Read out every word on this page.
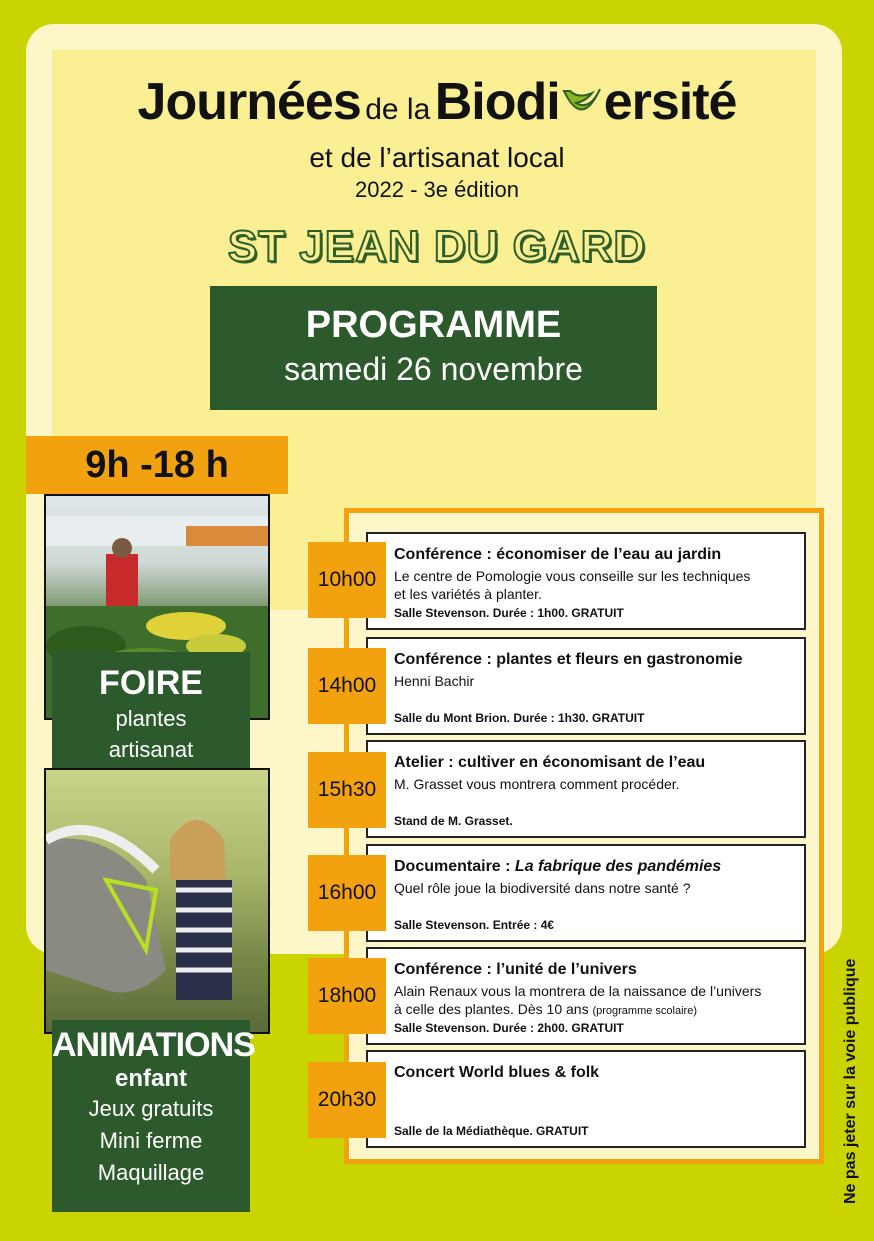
Journées de la Biodi ersité
et de l’artisanat local
2022 - 3e édition
ST JEAN DU GARD
PROGRAMME
samedi 26 novembre
9h -18 h
FOIRE
plantes
artisanat
ANIMATIONS
enfant
Jeux gratuits
Mini ferme
Maquillage
Conférence : économiser de l’eau au jardin
Le centre de Pomologie vous conseille sur les techniques
et les variétés à planter.
Salle Stevenson. Durée : 1h00. GRATUIT
10h00
Conférence : plantes et fleurs en gastronomie
Henni Bachir
Salle du Mont Brion. Durée : 1h30. GRATUIT
14h00
Atelier : cultiver en économisant de l’eau
M. Grasset vous montrera comment procéder.
Stand de M. Grasset.
15h30
Documentaire : La fabrique des pandémies
Quel rôle joue la biodiversité dans notre santé ?
Salle Stevenson. Entrée : 4€
16h00
Conférence : l’unité de l’univers
Alain Renaux vous la montrera de la naissance de l’univers
à celle des plantes. Dès 10 ans (programme scolaire)
Salle Stevenson. Durée : 2h00. GRATUIT
18h00
Concert World blues & folk
Salle de la Médiathèque. GRATUIT
20h30	Ne pas jeter sur la voie publique
